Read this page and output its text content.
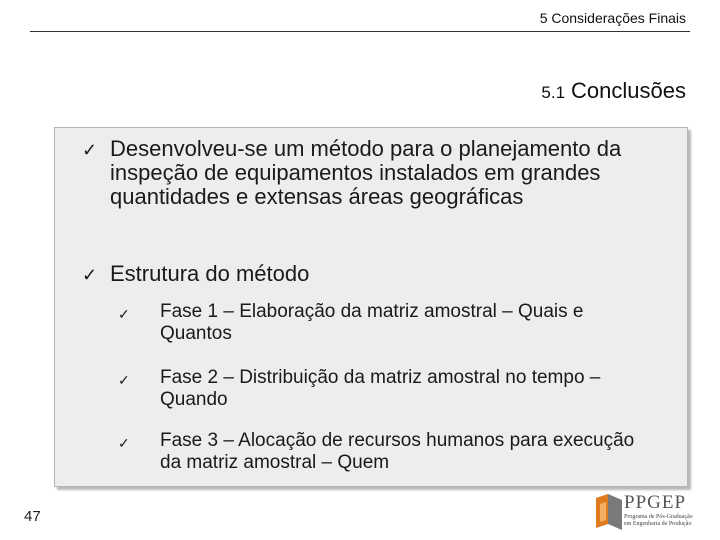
5 Considerações Finais
5.1 Conclusões
✓ Desenvolveu-se um método para o planejamento da inspeção de equipamentos instalados em grandes quantidades e extensas áreas geográficas
✓ Estrutura do método
✓	Fase 1 – Elaboração da matriz amostral – Quais e Quantos
✓	Fase 2 – Distribuição da matriz amostral no tempo – Quando
✓	Fase 3 – Alocação de recursos humanos para execução da matriz amostral – Quem
47
PPGEP
Programa de Pós-Graduação
em Engenharia de Produção
